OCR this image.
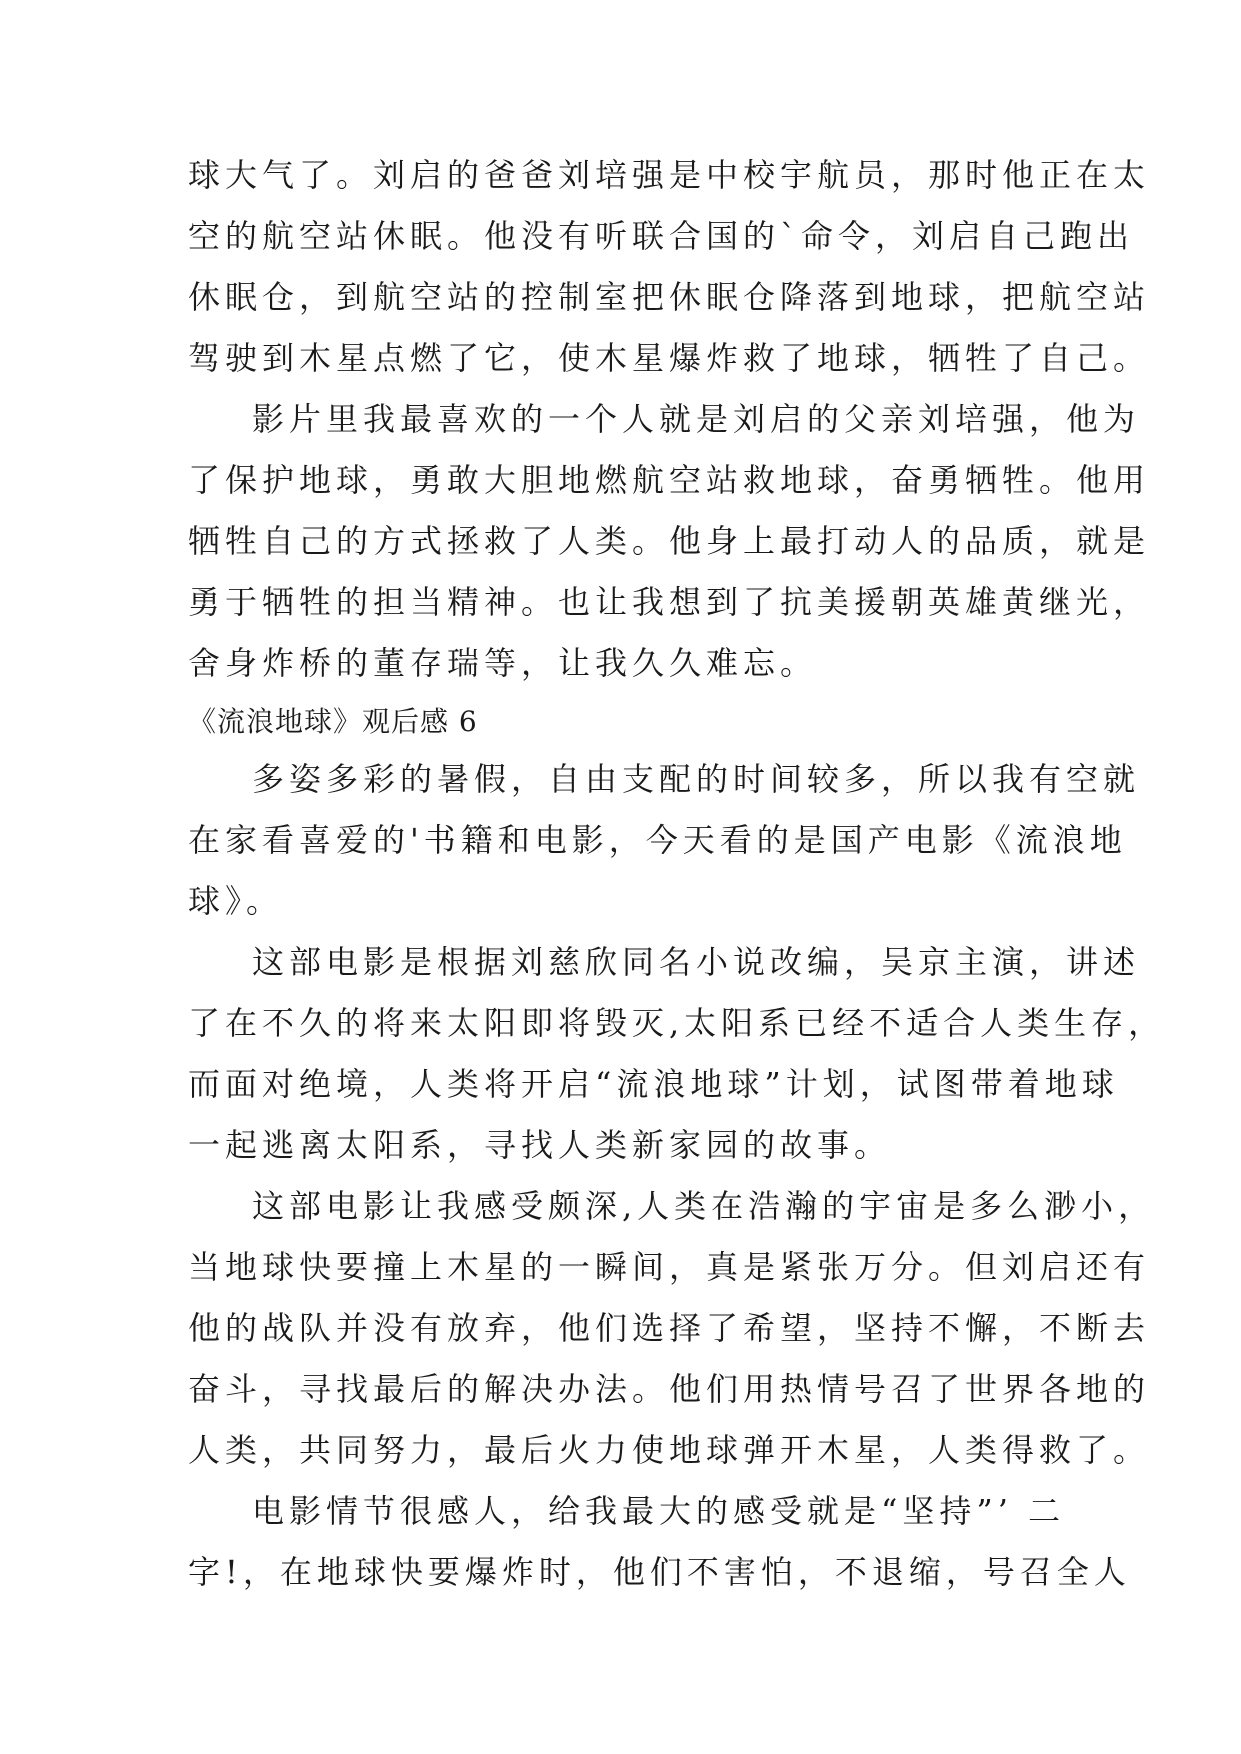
球大气了。刘启的爸爸刘培强是中校宇航员，那时他正在太
空的航空站休眠。他没有听联合国的`命令，刘启自己跑出
休眠仓，到航空站的控制室把休眠仓降落到地球，把航空站
驾驶到木星点燃了它，使木星爆炸救了地球，牺牲了自己。
影片里我最喜欢的一个人就是刘启的父亲刘培强，他为
了保护地球，勇敢大胆地燃航空站救地球，奋勇牺牲。他用
牺牲自己的方式拯救了人类。他身上最打动人的品质，就是
勇于牺牲的担当精神。也让我想到了抗美援朝英雄黄继光，
舍身炸桥的董存瑞等，让我久久难忘。
《流浪地球》观后感 6
多姿多彩的暑假，自由支配的时间较多，所以我有空就
在家看喜爱的'书籍和电影，今天看的是国产电影《流浪地
球》。
这部电影是根据刘慈欣同名小说改编，吴京主演，讲述
了在不久的将来太阳即将毁灭,太阳系已经不适合人类生存，
而面对绝境，人类将开启“流浪地球”计划，试图带着地球
一起逃离太阳系，寻找人类新家园的故事。
这部电影让我感受颇深,人类在浩瀚的宇宙是多么渺小，
当地球快要撞上木星的一瞬间，真是紧张万分。但刘启还有
他的战队并没有放弃，他们选择了希望，坚持不懈，不断去
奋斗，寻找最后的解决办法。他们用热情号召了世界各地的
人类，共同努力，最后火力使地球弹开木星，人类得救了。
电影情节很感人，给我最大的感受就是“坚持”’ 二
字!，在地球快要爆炸时，他们不害怕，不退缩，号召全人
